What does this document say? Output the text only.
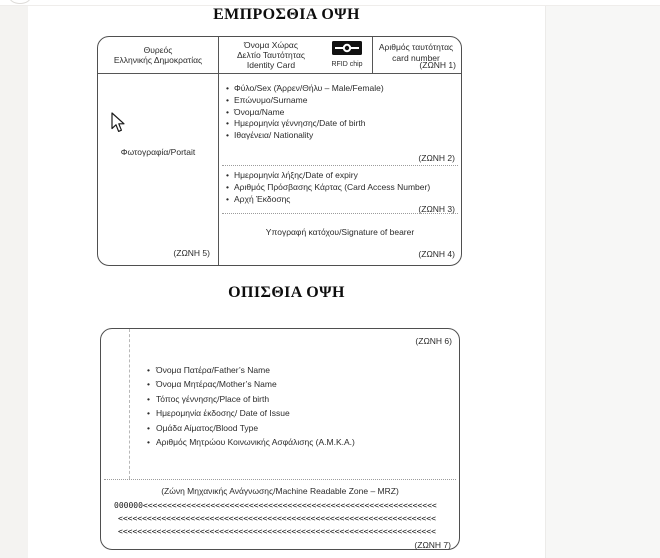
ΕΜΠΡΟΣΘΙΑ ΟΨΗ
Θυρεός
Ελληνικής Δημοκρατίας
Όνομα Χώρας
Δελτίο Ταυτότητας
Identity Card	RFID chip
Αριθμός ταυτότητας
card number
(ΖΩΝΗ 1)
Φωτογραφία/Portait
(ΖΩΝΗ 5)
• Φύλο/Sex (Άρρεν/Θήλυ – Male/Female)
• Επώνυμο/Surname
• Όνομα/Name
• Ημερομηνία γέννησης/Date of birth
• Ιθαγένεια/ Nationality
(ΖΩΝΗ 2)
• Ημερομηνία λήξης/Date of expiry
• Αριθμός Πρόσβασης Κάρτας (Card Access Number)
• Αρχή Έκδοσης
(ΖΩΝΗ 3)
Υπογραφή κατόχου/Signature of bearer
(ΖΩΝΗ 4)
ΟΠΙΣΘΙΑ ΟΨΗ
(ΖΩΝΗ 6)
• Όνομα Πατέρα/Father’s Name
• Όνομα Μητέρας/Mother’s Name
• Τόπος γέννησης/Place of birth
• Ημερομηνία έκδοσης/ Date of Issue
• Ομάδα Αίματος/Blood Type
• Αριθμός Μητρώου Κοινωνικής Ασφάλισης (Α.Μ.Κ.Α.)
(Ζώνη Μηχανικής Ανάγνωσης/Machine Readable Zone – MRZ)
000000<<<<<<<<<<<<<<<<<<<<<<<<<<<<<<<<<<<<<<<<<<<<<<<<<<<<<<<<<<<<<
<<<<<<<<<<<<<<<<<<<<<<<<<<<<<<<<<<<<<<<<<<<<<<<<<<<<<<<<<<<<<<<<<<
<<<<<<<<<<<<<<<<<<<<<<<<<<<<<<<<<<<<<<<<<<<<<<<<<<<<<<<<<<<<<<<<<<
(ΖΩΝΗ 7)
